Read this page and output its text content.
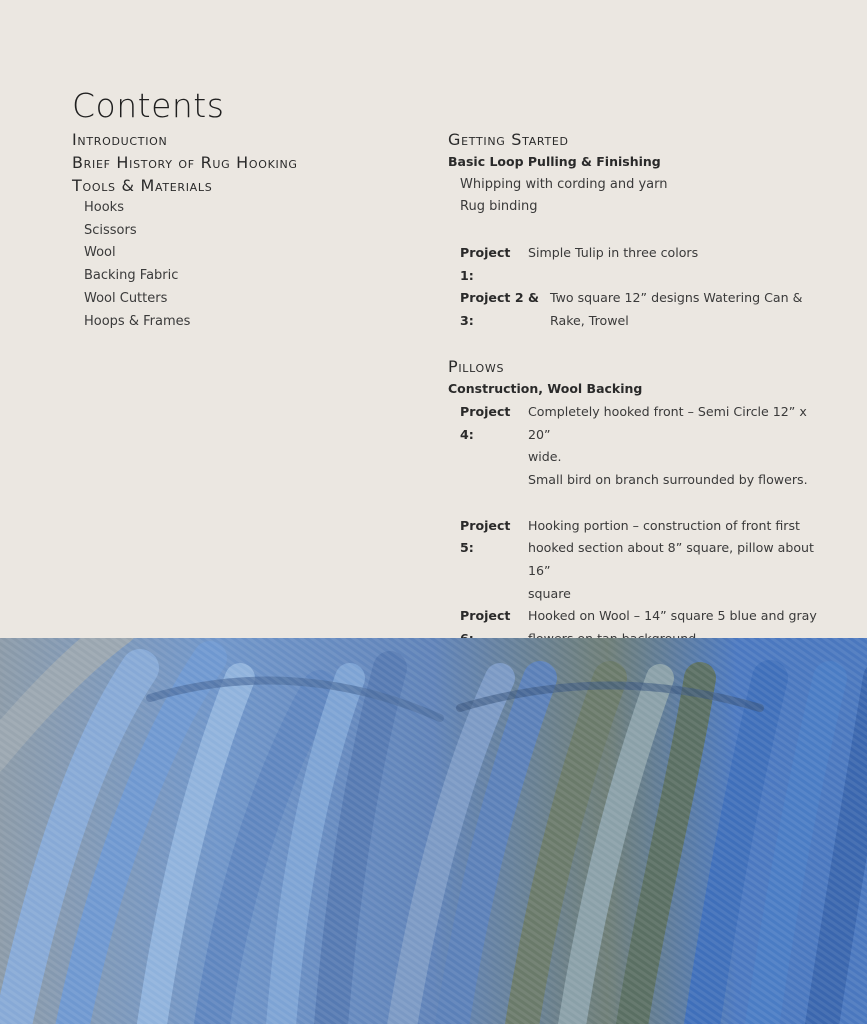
Contents
Introduction
Brief History of Rug Hooking
Tools & Materials
Hooks
Scissors
Wool
Backing Fabric
Wool Cutters
Hoops & Frames
Getting Started
Basic Loop Pulling & Finishing
Whipping with cording and yarn
Rug binding
Project 1:
Simple Tulip in three colors
Project 2 & 3:
Two square 12” designs Watering Can &
Rake, Trowel
Pillows
Construction, Wool Backing
Project 4:
Completely hooked front – Semi Circle 12” x 20”
wide.
Small bird on branch surrounded by flowers.
Project 5:
Hooking portion – construction of front first
hooked section about 8” square, pillow about 16”
square
Project	Hooked on Wool – 14” square 5 blue and gray
